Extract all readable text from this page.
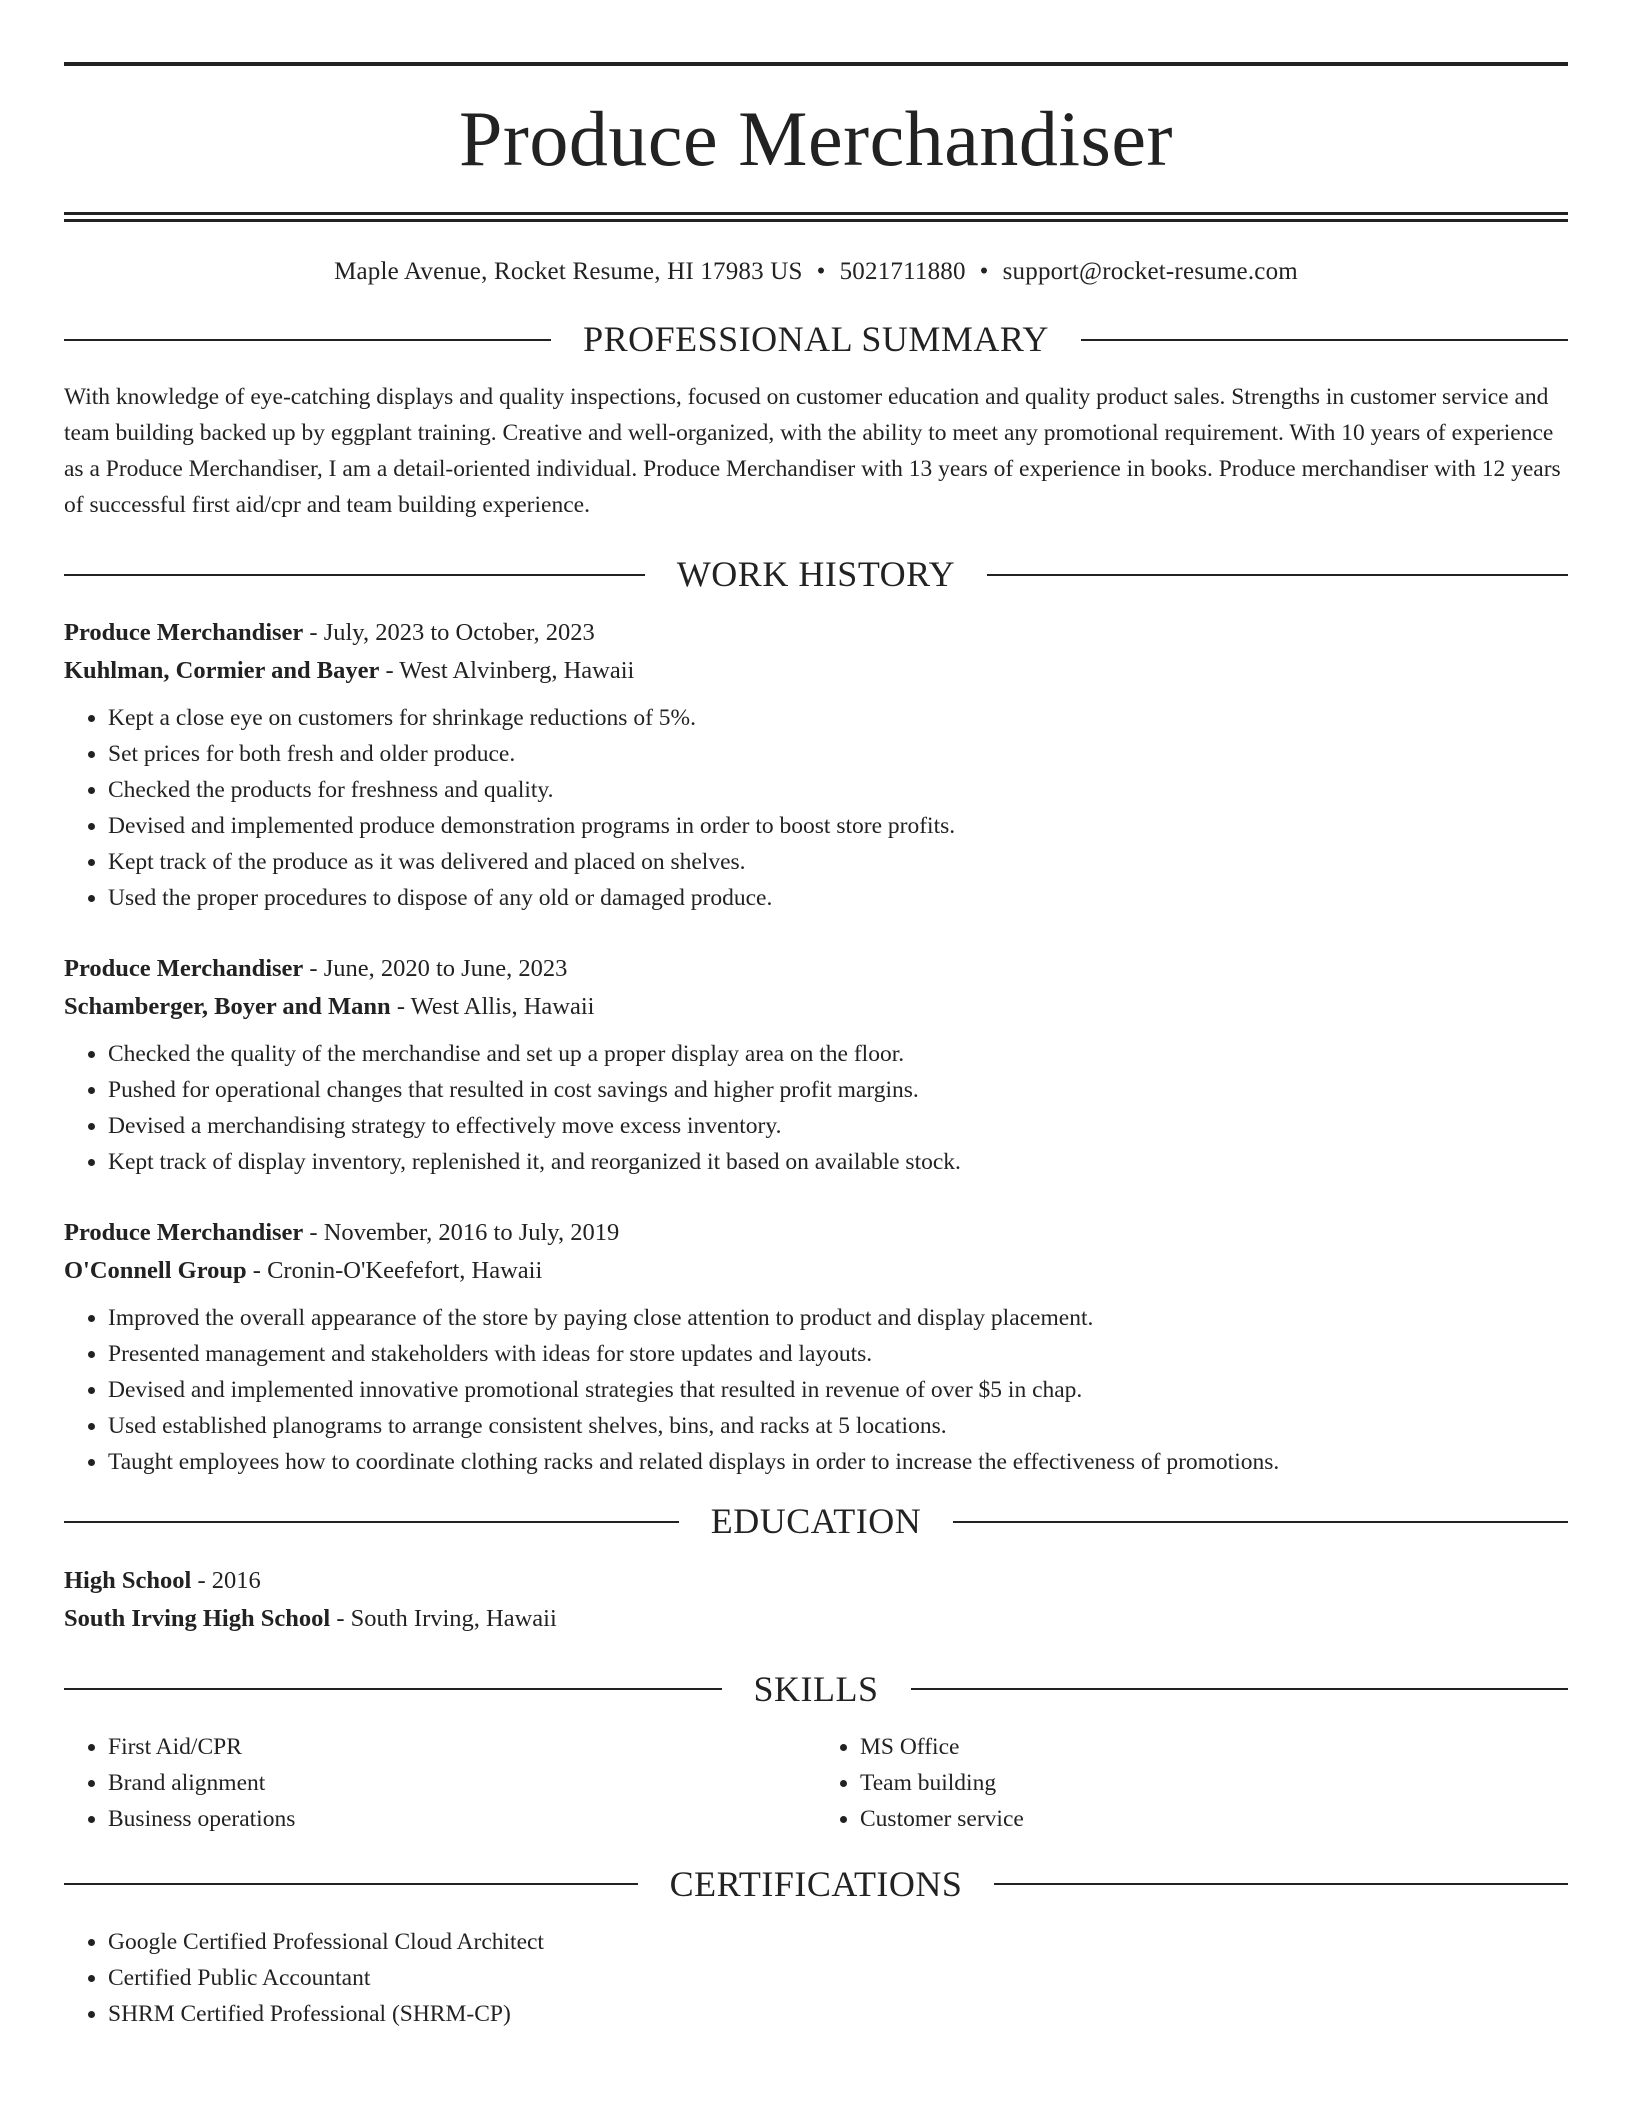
Produce Merchandiser
Maple Avenue, Rocket Resume, HI 17983 US • 5021711880 • support@rocket-resume.com
PROFESSIONAL SUMMARY

With knowledge of eye-catching displays and quality inspections, focused on customer education and quality product sales. Strengths in customer service and team building backed up by eggplant training. Creative and well-organized, with the ability to meet any promotional requirement. With 10 years of experience as a Produce Merchandiser, I am a detail-oriented individual. Produce Merchandiser with 13 years of experience in books. Produce merchandiser with 12 years of successful first aid/cpr and team building experience.

WORK HISTORY
Produce Merchandiser - July, 2023 to October, 2023
Kuhlman, Cormier and Bayer - West Alvinberg, Hawaii
• Kept a close eye on customers for shrinkage reductions of 5%.
• Set prices for both fresh and older produce.
• Checked the products for freshness and quality.
• Devised and implemented produce demonstration programs in order to boost store profits.
• Kept track of the produce as it was delivered and placed on shelves.
• Used the proper procedures to dispose of any old or damaged produce.
Produce Merchandiser - June, 2020 to June, 2023
Schamberger, Boyer and Mann - West Allis, Hawaii
• Checked the quality of the merchandise and set up a proper display area on the floor.
• Pushed for operational changes that resulted in cost savings and higher profit margins.
• Devised a merchandising strategy to effectively move excess inventory.
• Kept track of display inventory, replenished it, and reorganized it based on available stock.
Produce Merchandiser - November, 2016 to July, 2019
O'Connell Group - Cronin-O'Keefefort, Hawaii
• Improved the overall appearance of the store by paying close attention to product and display placement.
• Presented management and stakeholders with ideas for store updates and layouts.
• Devised and implemented innovative promotional strategies that resulted in revenue of over $5 in chap.
• Used established planograms to arrange consistent shelves, bins, and racks at 5 locations.
• Taught employees how to coordinate clothing racks and related displays in order to increase the effectiveness of promotions.
EDUCATION
High School - 2016
South Irving High School - South Irving, Hawaii
SKILLS
• First Aid/CPR
• Brand alignment
• Business operations
• MS Office
• Team building
• Customer service
CERTIFICATIONS
• Google Certified Professional Cloud Architect
• Certified Public Accountant
• SHRM Certified Professional (SHRM-CP)
